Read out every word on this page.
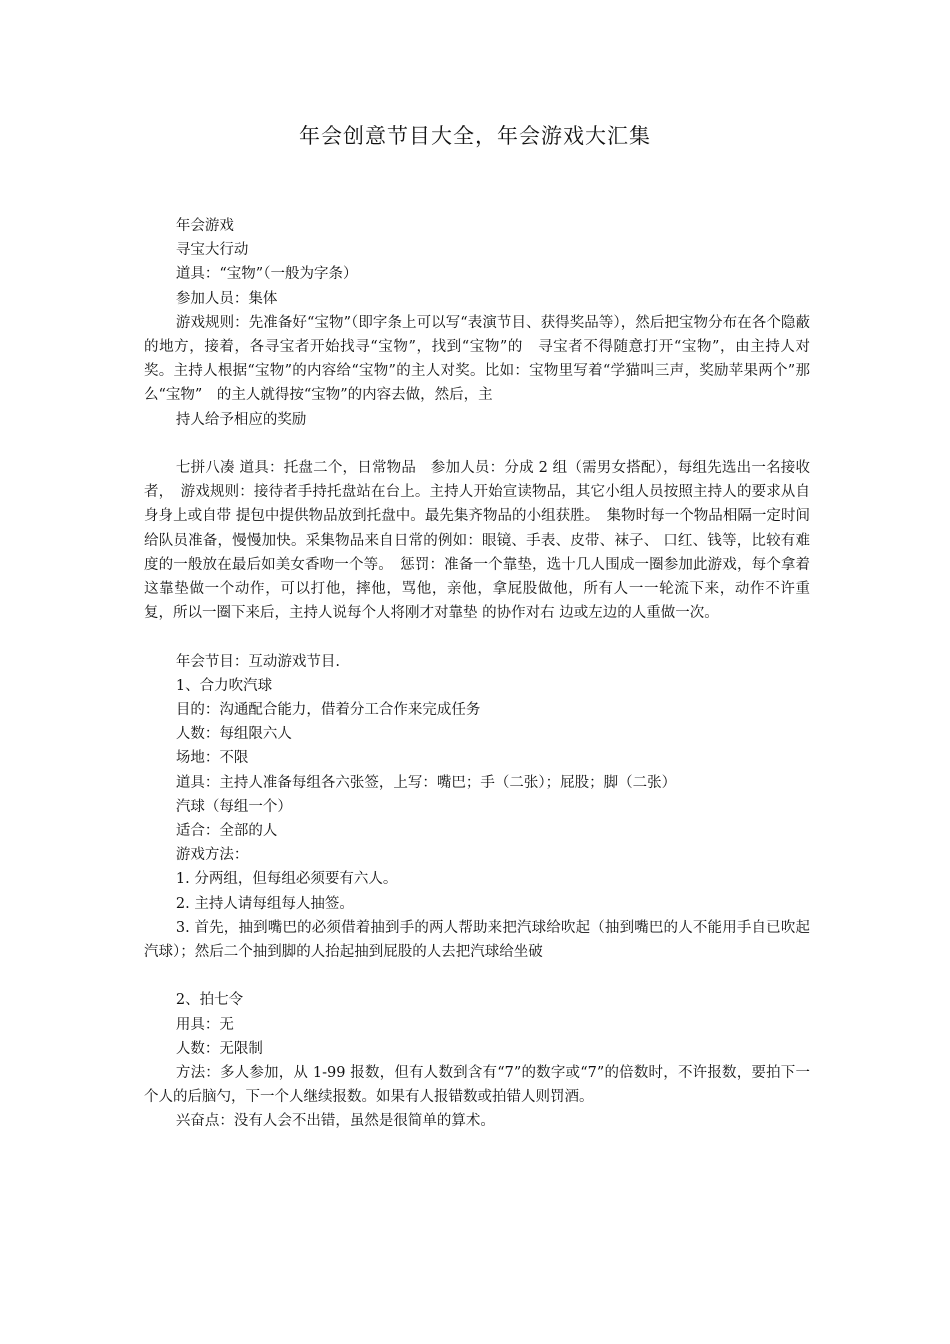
年会创意节目大全，年会游戏大汇集
年会游戏
寻宝大行动
道具：“宝物”（一般为字条）
参加人员：集体
游戏规则：先准备好“宝物”（即字条上可以写“表演节目、获得奖品等），然后把宝物分布在各个隐蔽的地方，接着，各寻宝者开始找寻“宝物”，找到“宝物”的　寻宝者不得随意打开“宝物”，由主持人对奖。主持人根据“宝物”的内容给“宝物”的主人对奖。比如：宝物里写着“学猫叫三声，奖励苹果两个”那么“宝物”　的主人就得按“宝物”的内容去做，然后，主
持人给予相应的奖励
七拼八凑 道具：托盘二个，日常物品　参加人员：分成 2 组（需男女搭配），每组先选出一名接收者，　游戏规则：接待者手持托盘站在台上。主持人开始宣读物品，其它小组人员按照主持人的要求从自身身上或自带 提包中提供物品放到托盘中。最先集齐物品的小组获胜。　集物时每一个物品相隔一定时间给队员准备，慢慢加快。采集物品来自日常的例如：眼镜、手表、皮带、袜子、 口红、钱等，比较有难度的一般放在最后如美女香吻一个等。　惩罚：准备一个靠垫，选十几人围成一圈参加此游戏，每个拿着这靠垫做一个动作，可以打他，摔他，骂他，亲他，拿屁股做他，所有人一一轮流下来，动作不许重复，所以一圈下来后，主持人说每个人将刚才对靠垫 的协作对右 边或左边的人重做一次。
年会节目：互动游戏节目.
1、合力吹汽球
目的：沟通配合能力，借着分工合作来完成任务
人数：每组限六人
场地：不限
道具：主持人准备每组各六张签，上写：嘴巴；手（二张）；屁股；脚（二张）
汽球（每组一个）
适合：全部的人
游戏方法：
1. 分两组，但每组必须要有六人。
2. 主持人请每组每人抽签。
3. 首先，抽到嘴巴的必须借着抽到手的两人帮助来把汽球给吹起（抽到嘴巴的人不能用手自已吹起汽球）；然后二个抽到脚的人抬起抽到屁股的人去把汽球给坐破
2、拍七令
用具：无
人数：无限制
方法：多人参加，从 1-99 报数，但有人数到含有“7”的数字或“7”的倍数时，不许报数，要拍下一个人的后脑勺，下一个人继续报数。如果有人报错数或拍错人则罚酒。
兴奋点：没有人会不出错，虽然是很简单的算术。
